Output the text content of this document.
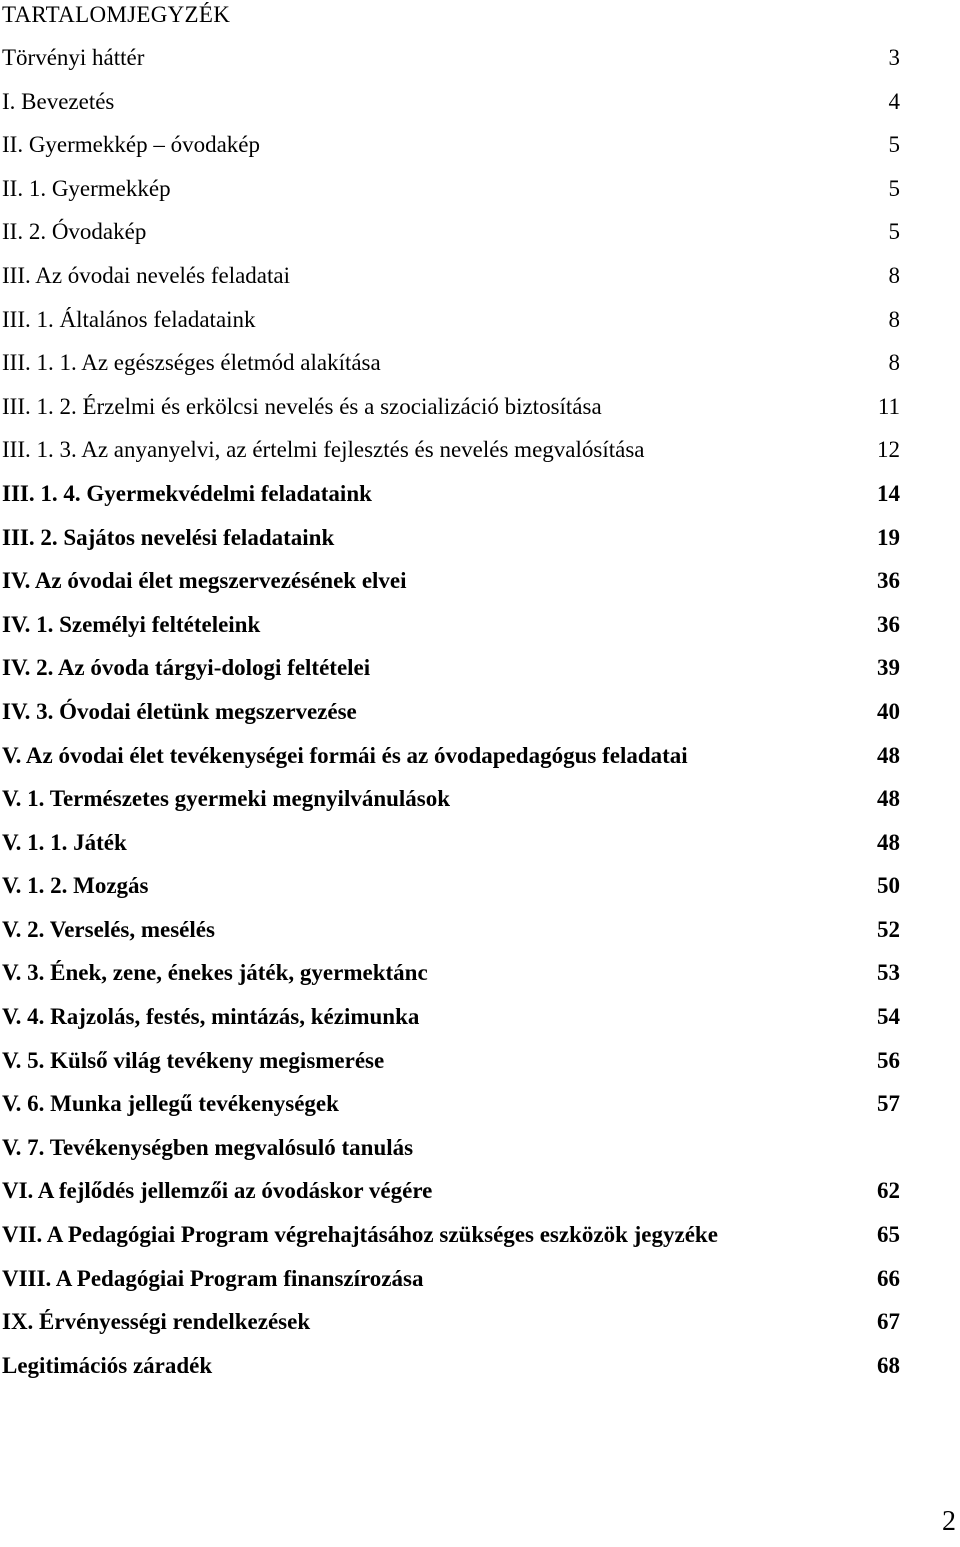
TARTALOMJEGYZÉK
Törvényi háttér	3
I. Bevezetés	4
II. Gyermekkép – óvodakép	5
II. 1. Gyermekkép	5
II. 2. Óvodakép	5
III. Az óvodai nevelés feladatai	8
III. 1. Általános feladataink	8
III. 1. 1. Az egészséges életmód alakítása	8
III. 1. 2. Érzelmi és erkölcsi nevelés és a szocializáció biztosítása	11
III. 1. 3. Az anyanyelvi, az értelmi fejlesztés és nevelés megvalósítása	12
III. 1. 4. Gyermekvédelmi feladataink	14
III. 2. Sajátos nevelési feladataink	19
IV. Az óvodai élet megszervezésének elvei	36
IV. 1. Személyi feltételeink	36
IV. 2. Az óvoda tárgyi-dologi feltételei	39
IV. 3. Óvodai életünk megszervezése	40
V. Az óvodai élet tevékenységei formái és az óvodapedagógus feladatai	48
V. 1. Természetes gyermeki megnyilvánulások	48
V. 1. 1. Játék	48
V. 1. 2. Mozgás	50
V. 2. Verselés, mesélés	52
V. 3. Ének, zene, énekes játék, gyermektánc	53
V. 4. Rajzolás, festés, mintázás, kézimunka	54
V. 5. Külső világ tevékeny megismerése	56
V. 6. Munka jellegű tevékenységek	57
V. 7. Tevékenységben megvalósuló tanulás
VI. A fejlődés jellemzői az óvodáskor végére	62
VII. A Pedagógiai Program végrehajtásához szükséges eszközök jegyzéke	65
VIII. A Pedagógiai Program finanszírozása	66
IX. Érvényességi rendelkezések	67
Legitimációs záradék	68
2
